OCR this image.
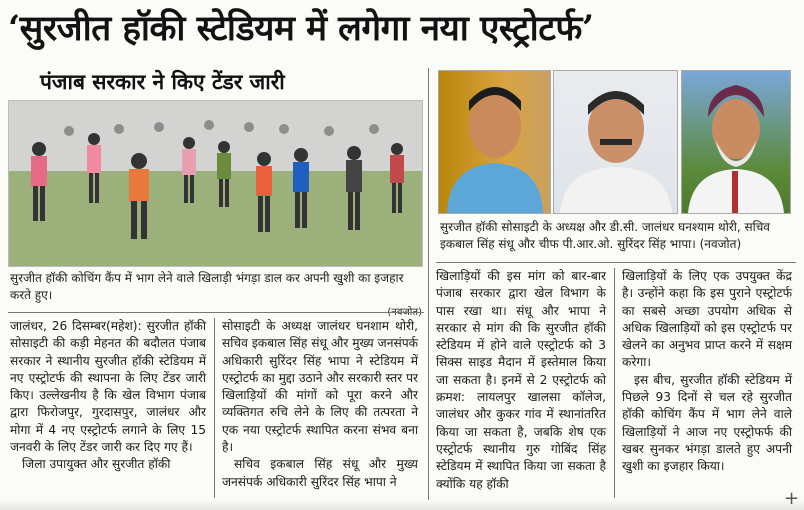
‘सुरजीत हॉकी स्टेडियम में लगेगा नया एस्ट्रोटर्फ’
पंजाब सरकार ने किए टेंडर जारी
सुरजीत हॉकी कोचिंग कैंप में भाग लेने वाले खिलाड़ी भंगड़ा डाल कर अपनी खुशी का इजहार करते हुए।
सुरजीत हॉकी सोसाइटी के अध्यक्ष और डी.सी. जालंधर घनश्याम थोरी, सचिव इकबाल सिंह संधू और चीफ पी.आर.ओ. सुरिंदर सिंह भापा। (नवजोत)

जालंधर, 26 दिसम्बर(महेश): सुरजीत हॉकी सोसाइटी की कड़ी मेहनत की बदौलत पंजाब सरकार ने स्थानीय सुरजीत हॉकी स्टेडियम में नए एस्ट्रोटर्फ की स्थापना के लिए टेंडर जारी किए। उल्लेखनीय है कि खेल विभाग पंजाब द्वारा फिरोजपुर, गुरदासपुर, जालंधर और मोगा में 4 नए एस्ट्रोटर्फ लगाने के लिए 15 जनवरी के लिए टेंडर जारी कर दिए गए हैं।

जिला उपायुक्त और सुरजीत हॉकी

सोसाइटी के अध्यक्ष जालंधर घनशाम थोरी, सचिव इकबाल सिंह संधू और मुख्य जनसंपर्क अधिकारी सुरिंदर सिंह भापा ने स्टेडियम में एस्ट्रोटर्फ का मुद्दा उठाने और सरकारी स्तर पर खिलाड़ियों की मांगों को पूरा करने और व्यक्तिगत रुचि लेने के लिए की तत्परता ने एक नया एस्ट्रोटर्फ स्थापित करना संभव बना है।

सचिव इकबाल सिंह संधू और मुख्य जनसंपर्क अधिकारी सुरिंदर सिंह भापा ने

खिलाड़ियों की इस मांग को बार-बार पंजाब सरकार द्वारा खेल विभाग के पास रखा था। संधू और भापा ने सरकार से मांग की कि सुरजीत हॉकी स्टेडियम में होने वाले एस्ट्रोटर्फ को 3 सिक्स साइड मैदान में इस्तेमाल किया जा सकता है। इनमें से 2 एस्ट्रोटर्फ को क्रमश: लायलपुर खालसा कॉलेज, जालंधर और कुकर गांव में स्थानांतरित किया जा सकता है, जबकि शेष एक एस्ट्रोटर्फ स्थानीय गुरु गोबिंद सिंह स्टेडियम में स्थापित किया जा सकता है क्योंकि यह हॉकी

खिलाड़ियों के लिए एक उपयुक्त केंद्र है। उन्होंने कहा कि इस पुराने एस्ट्रोटर्फ का सबसे अच्छा उपयोग अधिक से अधिक खिलाड़ियों को इस एस्ट्रोटर्फ पर खेलने का अनुभव प्राप्त करने में सक्षम करेगा।

इस बीच, सुरजीत हॉकी स्टेडियम में पिछले 93 दिनों से चल रहे सुरजीत हॉकी कोचिंग कैंप में भाग लेने वाले खिलाड़ियों ने आज नए एस्ट्रोफर्फ की खबर सुनकर भंगड़ा डालते हुए अपनी खुशी का इजहार किया।

+
